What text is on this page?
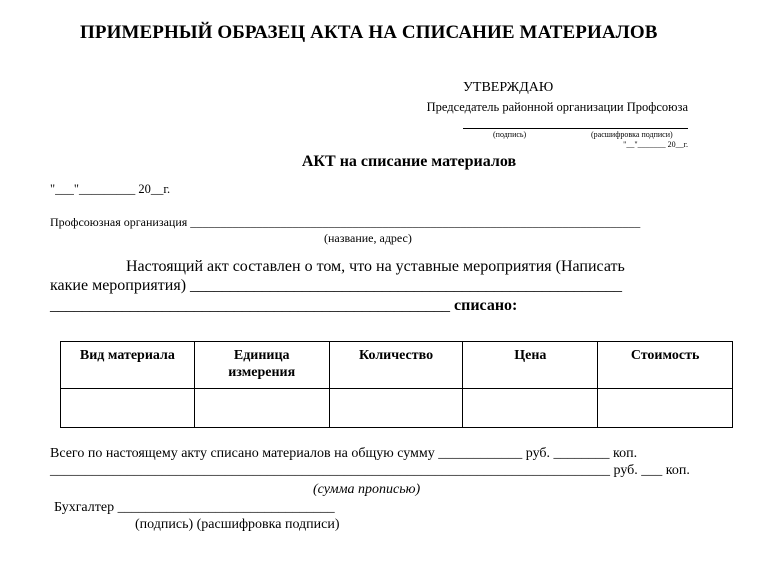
ПРИМЕРНЫЙ ОБРАЗЕЦ АКТА НА СПИСАНИЕ МАТЕРИАЛОВ
УТВЕРЖДАЮ
Председатель районной организации Профсоюза
(подпись)	(расшифровка подписи)
"__"_______ 20__г.
АКТ на списание материалов
"___"_________ 20__г.
Профсоюзная организация ___________________________________________________________________________
(название, адрес)
Настоящий акт составлен о том, что на уставные мероприятия (Написать
какие мероприятия) ______________________________________________________
__________________________________________________ списано:
Вид материала	Единица измерения	Количество	Цена	Стоимость

Всего по настоящему акту списано материалов на общую сумму ____________ руб. ________ коп.
________________________________________________________________________________ руб. ___ коп.
(сумма прописью)
Бухгалтер _______________________________
(подпись) (расшифровка подписи)
